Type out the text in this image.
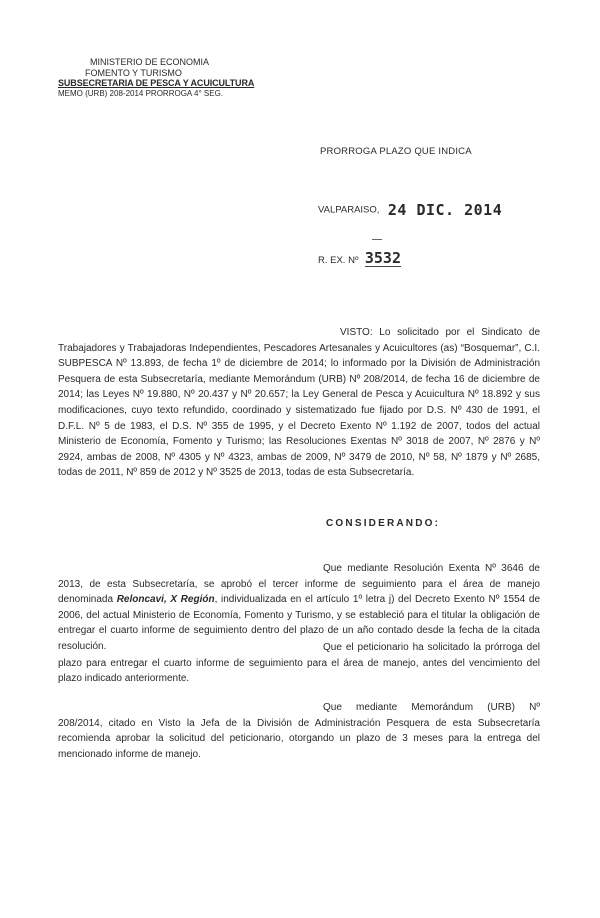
MINISTERIO DE ECONOMIA
FOMENTO Y TURISMO
SUBSECRETARIA DE PESCA Y ACUICULTURA
MEMO (URB) 208-2014 PRORROGA 4° SEG.
PRORROGA PLAZO QUE INDICA
VALPARAISO, 24 DIC. 2014
R. EX. Nº 3532

VISTO: Lo solicitado por el Sindicato de Trabajadores y Trabajadoras Independientes, Pescadores Artesanales y Acuicultores (as) “Bosquemar”, C.I. SUBPESCA Nº 13.893, de fecha 1º de diciembre de 2014; lo informado por la División de Administración Pesquera de esta Subsecretaría, mediante Memorándum (URB) Nº 208/2014, de fecha 16 de diciembre de 2014; las Leyes Nº 19.880, Nº 20.437 y Nº 20.657; la Ley General de Pesca y Acuicultura Nº 18.892 y sus modificaciones, cuyo texto refundido, coordinado y sistematizado fue fijado por D.S. Nº 430 de 1991, el D.F.L. Nº 5 de 1983, el D.S. Nº 355 de 1995, y el Decreto Exento Nº 1.192 de 2007, todos del actual Ministerio de Economía, Fomento y Turismo; las Resoluciones Exentas Nº 3018 de 2007, Nº 2876 y Nº 2924, ambas de 2008, Nº 4305 y Nº 4323, ambas de 2009, Nº 3479 de 2010, Nº 58, Nº 1879 y Nº 2685, todas de 2011, Nº 859 de 2012 y Nº 3525 de 2013, todas de esta Subsecretaría.

CONSIDERANDO:

Que mediante Resolución Exenta Nº 3646 de 2013, de esta Subsecretaría, se aprobó el tercer informe de seguimiento para el área de manejo denominada Reloncavi, X Región, individualizada en el artículo 1º letra j) del Decreto Exento Nº 1554 de 2006, del actual Ministerio de Economía, Fomento y Turismo, y se estableció para el titular la obligación de entregar el cuarto informe de seguimiento dentro del plazo de un año contado desde la fecha de la citada resolución.	Que el peticionario ha solicitado la prórroga del plazo para entregar el cuarto informe de seguimiento para el área de manejo, antes del vencimiento del plazo indicado anteriormente.

Que mediante Memorándum (URB) Nº 208/2014, citado en Visto la Jefa de la División de Administración Pesquera de esta Subsecretaría recomienda aprobar la solicitud del peticionario, otorgando un plazo de 3 meses para la entrega del mencionado informe de manejo.
